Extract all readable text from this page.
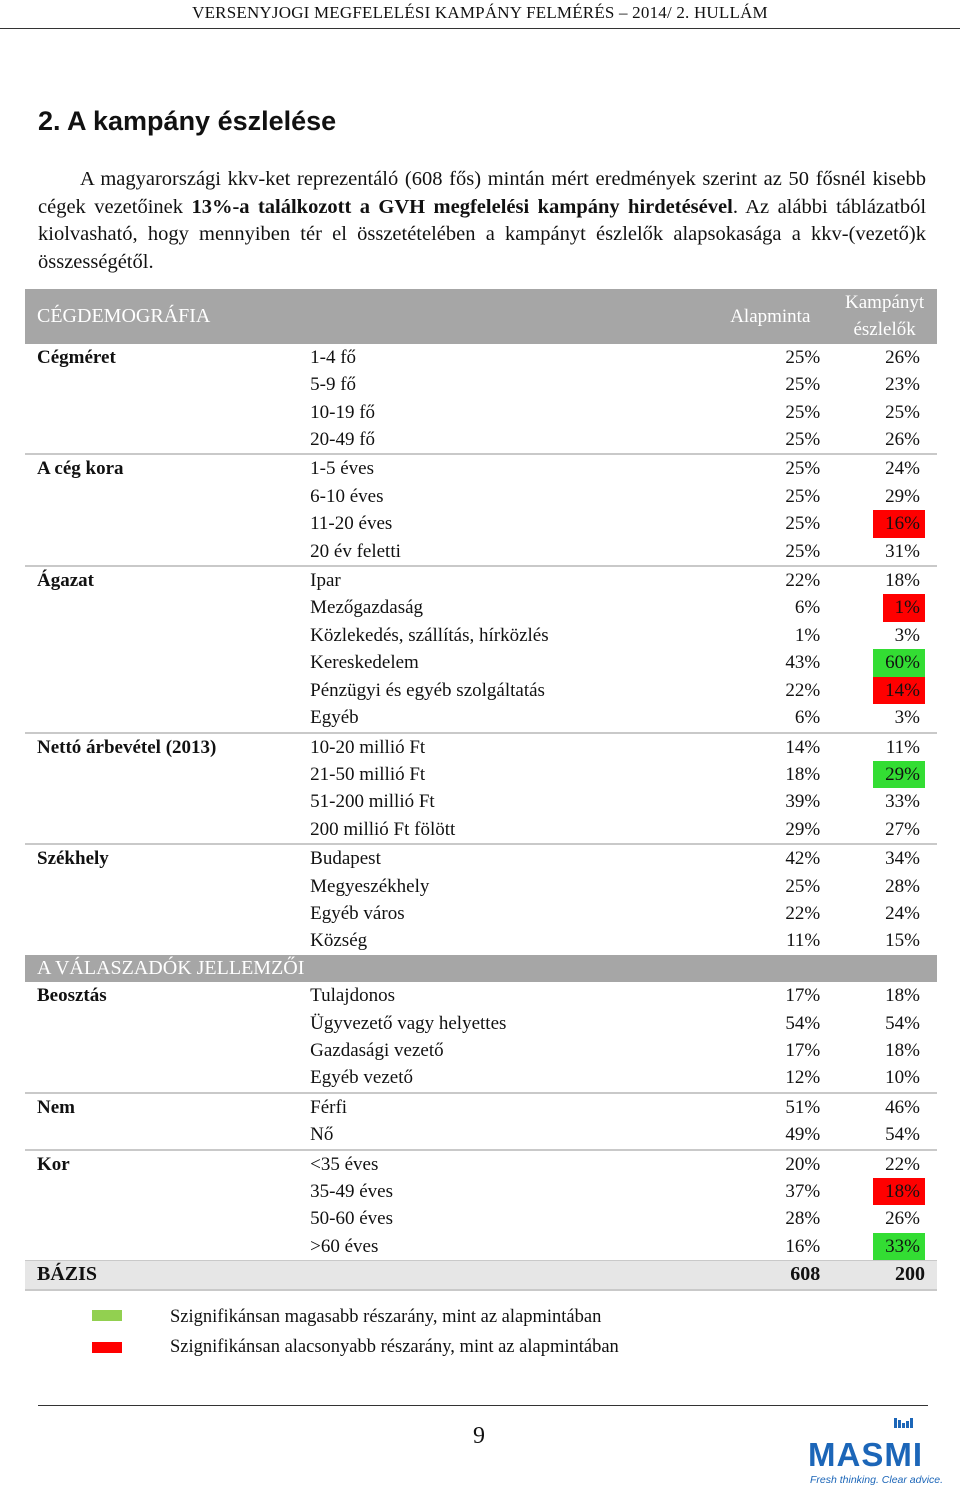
VERSENYJOGI MEGFELELÉSI KAMPÁNY FELMÉRÉS – 2014/ 2. HULLÁM
2. A kampány észlelése
A magyarországi kkv-ket reprezentáló (608 fős) mintán mért eredmények szerint az 50 fősnél kisebb cégek vezetőinek 13%-a találkozott a GVH megfelelési kampány hirdetésével. Az alábbi táblázatból kiolvasható, hogy mennyiben tér el összetételében a kampányt észlelők alapsokasága a kkv-(vezető)k összességétől.
CÉGDEMOGRÁFIA		Alapminta	Kampányt
észlelők
Cégméret	1-4 fő	25%	26%
	5-9 fő	25%	23%
	10-19 fő	25%	25%
	20-49 fő	25%	26%
A cég kora	1-5 éves	25%	24%
	6-10 éves	25%	29%
	11-20 éves	25%	16%
	20 év feletti	25%	31%
Ágazat	Ipar	22%	18%
	Mezőgazdaság	6%	1%
	Közlekedés, szállítás, hírközlés	1%	3%
	Kereskedelem	43%	60%
	Pénzügyi és egyéb szolgáltatás	22%	14%
	Egyéb	6%	3%
Nettó árbevétel (2013)	10-20 millió Ft	14%	11%
	21-50 millió Ft	18%	29%
	51-200 millió Ft	39%	33%
	200 millió Ft fölött	29%	27%
Székhely	Budapest	42%	34%
	Megyeszékhely	25%	28%
	Egyéb város	22%	24%
	Község	11%	15%
A VÁLASZADÓK JELLEMZŐI			
Beosztás	Tulajdonos	17%	18%
	Ügyvezető vagy helyettes	54%	54%
	Gazdasági vezető	17%	18%
	Egyéb vezető	12%	10%
Nem	Férfi	51%	46%
	Nő	49%	54%
Kor	<35 éves	20%	22%
	35-49 éves	37%	18%
	50-60 éves	28%	26%
	>60 éves	16%	33%
BÁZIS		608	200
Szignifikánsan magasabb részarány, mint az alapmintában
Szignifikánsan alacsonyabb részarány, mint az alapmintában
9	MASMI
Fresh thinking. Clear advice.
